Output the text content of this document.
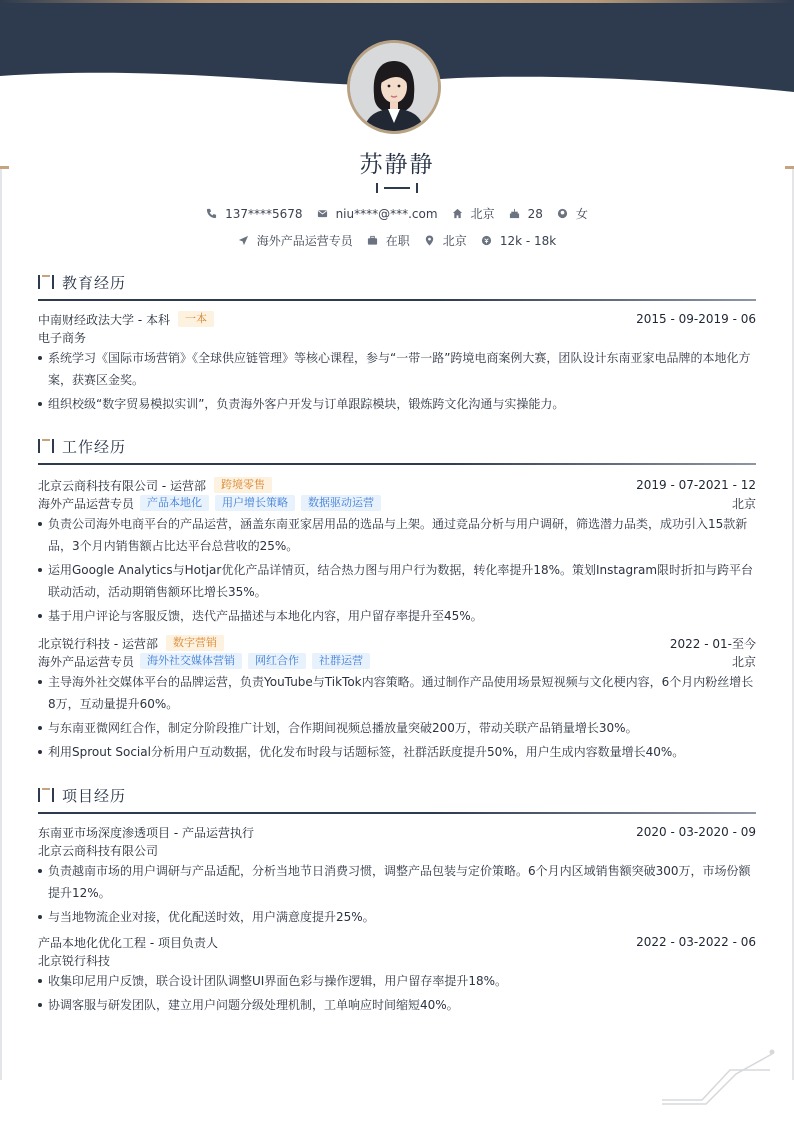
苏静静
137****5678	niu****@***.com	北京	28	女
海外产品运营专员	在职	北京	12k - 18k
教育经历
中南财经政法大学 - 本科	一本	2015 - 09-2019 - 06
电子商务
系统学习《国际市场营销》《全球供应链管理》等核心课程，参与“一带一路”跨境电商案例大赛，团队设计东南亚家电品牌的本地化方案，获赛区金奖。
组织校级“数字贸易模拟实训”，负责海外客户开发与订单跟踪模块，锻炼跨文化沟通与实操能力。
工作经历
北京云商科技有限公司 - 运营部	跨境零售	2019 - 07-2021 - 12
海外产品运营专员	产品本地化	用户增长策略	数据驱动运营	北京
负责公司海外电商平台的产品运营，涵盖东南亚家居用品的选品与上架。通过竞品分析与用户调研，筛选潜力品类，成功引入15款新品，3个月内销售额占比达平台总营收的25%。
运用Google Analytics与Hotjar优化产品详情页，结合热力图与用户行为数据，转化率提升18%。策划Instagram限时折扣与跨平台联动活动，活动期销售额环比增长35%。
基于用户评论与客服反馈，迭代产品描述与本地化内容，用户留存率提升至45%。
北京锐行科技 - 运营部	数字营销	2022 - 01-至今
海外产品运营专员	海外社交媒体营销	网红合作	社群运营	北京
主导海外社交媒体平台的品牌运营，负责YouTube与TikTok内容策略。通过制作产品使用场景短视频与文化梗内容，6个月内粉丝增长8万，互动量提升60%。
与东南亚微网红合作，制定分阶段推广计划，合作期间视频总播放量突破200万，带动关联产品销量增长30%。
利用Sprout Social分析用户互动数据，优化发布时段与话题标签，社群活跃度提升50%，用户生成内容数量增长40%。
项目经历
东南亚市场深度渗透项目 - 产品运营执行	2020 - 03-2020 - 09
北京云商科技有限公司
负责越南市场的用户调研与产品适配，分析当地节日消费习惯，调整产品包装与定价策略。6个月内区域销售额突破300万，市场份额提升12%。
与当地物流企业对接，优化配送时效，用户满意度提升25%。
产品本地化优化工程 - 项目负责人	2022 - 03-2022 - 06
北京锐行科技
收集印尼用户反馈，联合设计团队调整UI界面色彩与操作逻辑，用户留存率提升18%。
协调客服与研发团队，建立用户问题分级处理机制，工单响应时间缩短40%。
